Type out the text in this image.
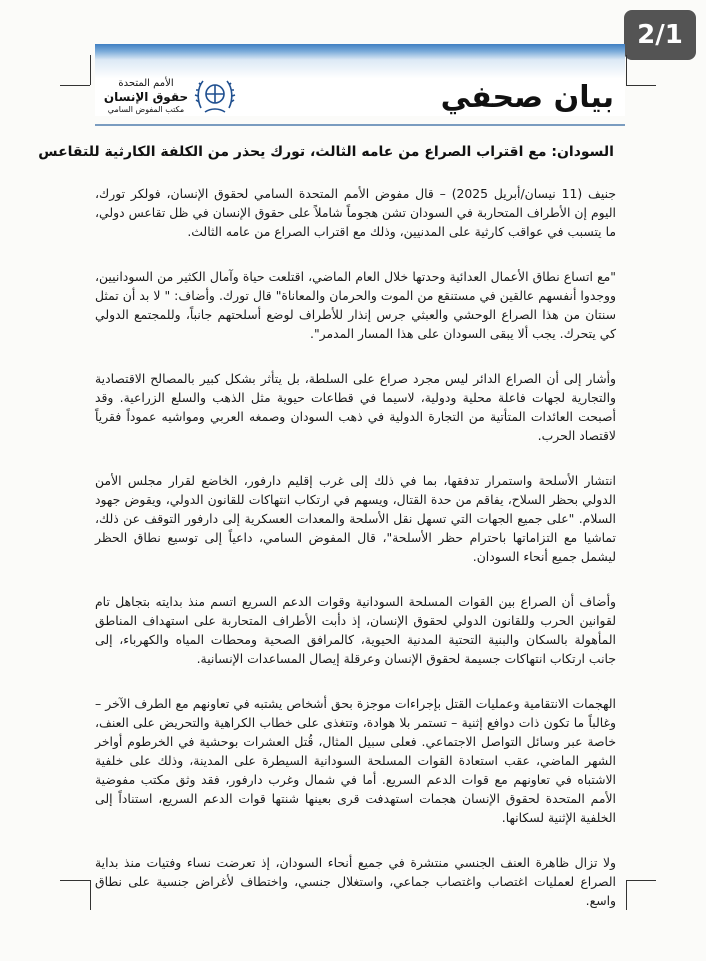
2/1
بيان صحفي
الأمم المتحدة
حقوق الإنسان
مكتب المفوض السامي
السودان: مع اقتراب الصراع من عامه الثالث، تورك يحذر من الكلفة الكارثية للتقاعس

جنيف (11 نيسان/أبريل 2025) – قال مفوض الأمم المتحدة السامي لحقوق الإنسان، فولكر تورك، اليوم إن الأطراف المتحاربة في السودان تشن هجوماً شاملاً على حقوق الإنسان في ظل تقاعس دولي، ما يتسبب في عواقب كارثية على المدنيين، وذلك مع اقتراب الصراع من عامه الثالث.

"مع اتساع نطاق الأعمال العدائية وحدتها خلال العام الماضي، اقتلعت حياة وآمال الكثير من السودانيين، ووجدوا أنفسهم عالقين في مستنقع من الموت والحرمان والمعاناة" قال تورك. وأضاف: " لا بد أن تمثل سنتان من هذا الصراع الوحشي والعبثي جرس إنذار للأطراف لوضع أسلحتهم جانباً، وللمجتمع الدولي كي يتحرك. يجب ألا يبقى السودان على هذا المسار المدمر".

وأشار إلى أن الصراع الدائر ليس مجرد صراع على السلطة، بل يتأثر بشكل كبير بالمصالح الاقتصادية والتجارية لجهات فاعلة محلية ودولية، لاسيما في قطاعات حيوية مثل الذهب والسلع الزراعية. وقد أصبحت العائدات المتأتية من التجارة الدولية في ذهب السودان وصمغه العربي ومواشيه عموداً فقرياً لاقتصاد الحرب.

انتشار الأسلحة واستمرار تدفقها، بما في ذلك إلى غرب إقليم دارفور، الخاضع لقرار مجلس الأمن الدولي بحظر السلاح، يفاقم من حدة القتال، ويسهم في ارتكاب انتهاكات للقانون الدولي، ويقوض جهود السلام. "على جميع الجهات التي تسهل نقل الأسلحة والمعدات العسكرية إلى دارفور التوقف عن ذلك، تماشيا مع التزاماتها باحترام حظر الأسلحة"، قال المفوض السامي، داعياً إلى توسيع نطاق الحظر ليشمل جميع أنحاء السودان.

وأضاف أن الصراع بين القوات المسلحة السودانية وقوات الدعم السريع اتسم منذ بدايته بتجاهل تام لقوانين الحرب وللقانون الدولي لحقوق الإنسان، إذ دأبت الأطراف المتحاربة على استهداف المناطق المأهولة بالسكان والبنية التحتية المدنية الحيوية، كالمرافق الصحية ومحطات المياه والكهرباء، إلى جانب ارتكاب انتهاكات جسيمة لحقوق الإنسان وعرقلة إيصال المساعدات الإنسانية.

الهجمات الانتقامية وعمليات القتل بإجراءات موجزة بحق أشخاص يشتبه في تعاونهم مع الطرف الآخر – وغالباً ما تكون ذات دوافع إثنية – تستمر بلا هوادة، وتتغذى على خطاب الكراهية والتحريض على العنف، خاصة عبر وسائل التواصل الاجتماعي. فعلى سبيل المثال، قُتل العشرات بوحشية في الخرطوم أواخر الشهر الماضي، عقب استعادة القوات المسلحة السودانية السيطرة على المدينة، وذلك على خلفية الاشتباه في تعاونهم مع قوات الدعم السريع. أما في شمال وغرب دارفور، فقد وثق مكتب مفوضية الأمم المتحدة لحقوق الإنسان هجمات استهدفت قرى بعينها شنتها قوات الدعم السريع، استناداً إلى الخلفية الإثنية لسكانها.

ولا تزال ظاهرة العنف الجنسي منتشرة في جميع أنحاء السودان، إذ تعرضت نساء وفتيات منذ بداية الصراع لعمليات اغتصاب واغتصاب جماعي، واستغلال جنسي، واختطاف لأغراض جنسية على نطاق واسع.
